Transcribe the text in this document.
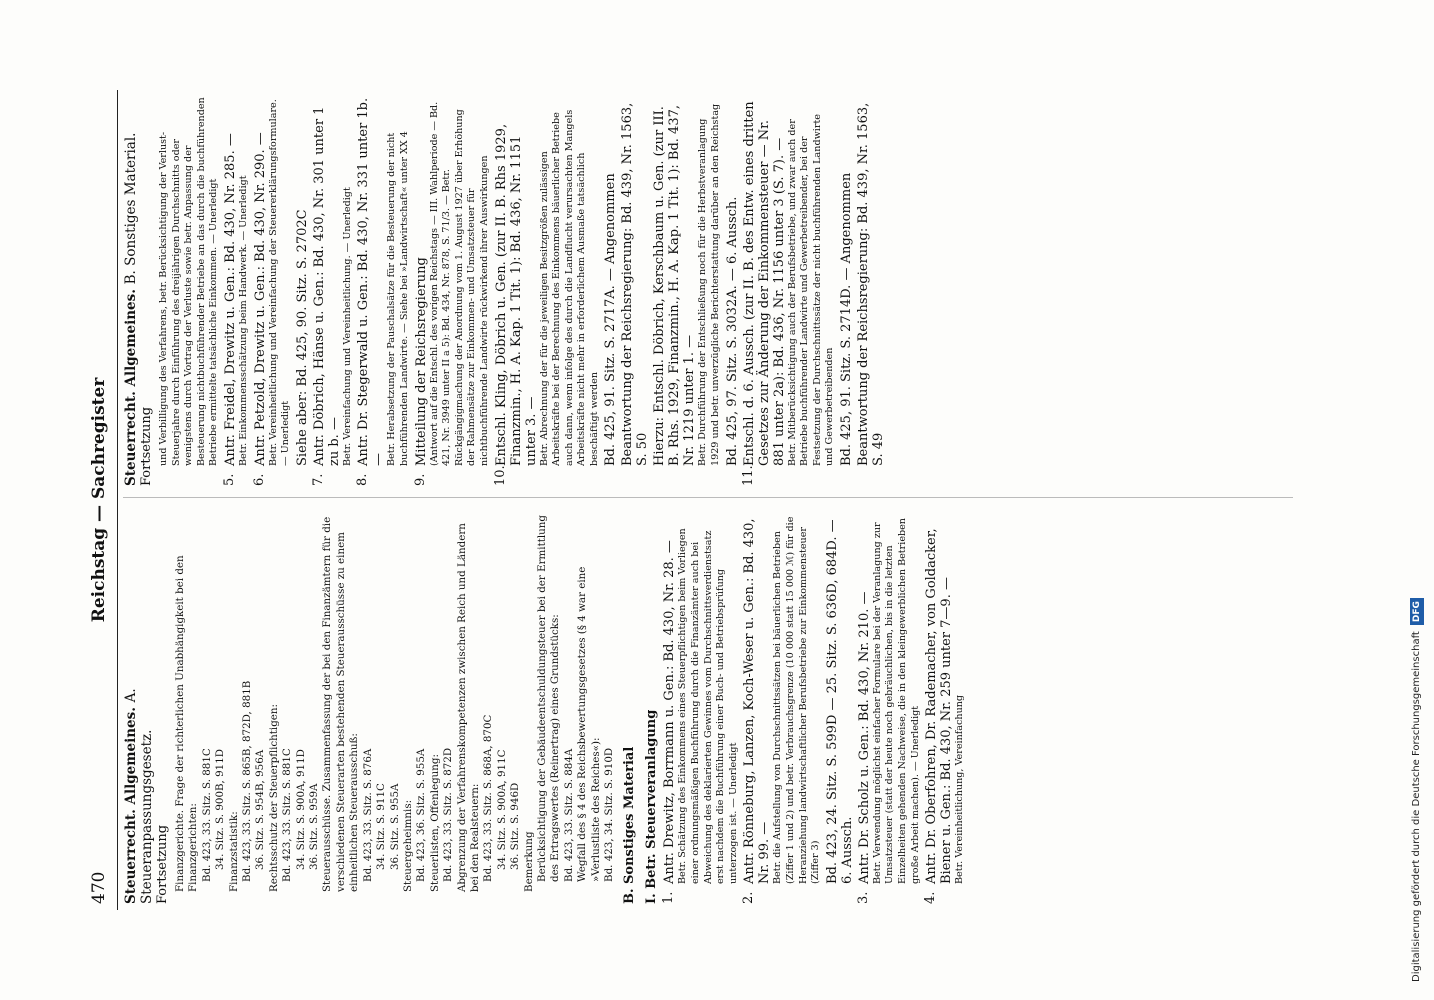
470
Reichstag — Sachregister
Steuerrecht. Allgemeines. A. Steueranpassungsgesetz. Fortsetzung Finanzgerichte. Frage der richterlichen Unabhängigkeit bei den Finanzgerichten: Bd. 423, 33. Sitz. S. 881C 34. Sitz. S. 900B, 911D Finanzstatistik: Bd. 423, 33. Sitz. S. 865B, 872D, 881B 36. Sitz. S. 954B, 956A Rechtsschutz der Steuerpflichtigen: Bd. 423, 33. Sitz. S. 881C 34. Sitz. S. 900A, 911D 36. Sitz. S. 959A Steuerausschüsse. Zusammenfassung der bei den Finanzämtern für die verschiedenen Steuerarten bestehenden Steuerausschüsse zu einem einheitlichen Steuerausschuß: Bd. 423, 33. Sitz. S. 876A 34. Sitz. S. 911C 36. Sitz. S. 955A Steuergeheimnis: Bd. 423, 36. Sitz. S. 955A Steuerlisten, Offenlegung: Bd. 423, 33. Sitz. S. 872D Abgrenzung der Verfahrenskompetenzen zwischen Reich und Ländern bei den Realsteuern: Bd. 423, 33. Sitz. S. 868A, 870C 34. Sitz. S. 900A, 911C 36. Sitz. S. 946D Bemerkung Berücksichtigung der Gebäudeentschuldungsteuer bei der Ermittlung des Ertragswertes (Reinertrag) eines Grundstücks: Bd. 423, 33. Sitz. S. 884A Wegfall des § 4 des Reichsbewertungsgesetzes (§ 4 war eine »Verlustliste des Reiches«): Bd. 423, 34. Sitz. S. 910D B. Sonstiges Material I. Betr. Steuerveranlagung 1.
Antr. Drewitz, Borrmann u. Gen.: Bd. 430, Nr. 28. — Betr. Schätzung des Einkommens eines Steuerpflichtigen beim Vorliegen einer ordnungsmäßigen Buchführung durch die Finanzämter auch bei Abweichung des deklarierten Gewinnes vom Durchschnittsverdienstsatz erst nachdem die Buchführung einer Buch- und Betriebsprüfung unterzogen ist. — Unerledigt
2.
Antr. Rönneburg, Lanzen, Koch-Weser u. Gen.: Bd. 430, Nr. 99. — Betr. die Aufstellung von Durchschnittssätzen bei bäuerlichen Betrieben (Ziffer 1 und 2) und betr. Verbrauchsgrenze (10 000 statt 15 000 ℳ) für die Heranziehung landwirtschaftlicher Berufsbetriebe zur Einkommensteuer (Ziffer 3) Bd. 423, 24. Sitz. S. 599D — 25. Sitz. S. 636D, 684D. — 6. Aussch.
3.
Antr. Dr. Scholz u. Gen.: Bd. 430, Nr. 210. — Betr. Verwendung möglichst einfacher Formulare bei der Veranlagung zur Umsatzsteuer (statt der heute noch gebräuchlichen, bis in die letzten Einzelheiten gehenden Nachweise, die in den kleingewerblichen Betrieben große Arbeit machen). — Unerledigt
4.
Antr. Dr. Oberfohren, Dr. Rademacher, von Goldacker, Biener u. Gen.: Bd. 430, Nr. 259 unter 7—9. — Betr. Vereinheitlichung, Vereinfachung
Steuerrecht. Allgemeines. B. Sonstiges Material.
Fortsetzung und Verbilligung des Verfahrens, betr. Berücksichtigung der Verlust-Steuerjahre durch Einführung des dreijährigen Durchschnitts oder wenigstens durch Vortrag der Verluste sowie betr. Anpassung der Besteuerung nichtbuchführender Betriebe an das durch die buchführenden Betriebe ermittelte tatsächliche Einkommen. — Unerledigt
5.
Antr. Freidel, Drewitz u. Gen.: Bd. 430, Nr. 285. — Betr. Einkommensschätzung beim Handwerk. — Unerledigt
6.
Antr. Petzold, Drewitz u. Gen.: Bd. 430, Nr. 290. — Betr. Vereinheitlichung und Vereinfachung der Steuererklärungsformulare. — Unerledigt Siehe aber: Bd. 425, 90. Sitz. S. 2702C
7.
Antr. Döbrich, Hänse u. Gen.: Bd. 430, Nr. 301 unter 1 zu b. — Betr. Vereinfachung und Vereinheitlichung. — Unerledigt
8.
Antr. Dr. Stegerwald u. Gen.: Bd. 430, Nr. 331 unter 1b. — Betr. Herabsetzung der Pauschalsätze für die Besteuerung der nicht buchführenden Landwirte. — Siehe bei »Landwirtschaft« unter XX 4
9.
Mitteilung der Reichsregierung (Antwort auf die Entschl. des vorigen Reichstags — III. Wahlperiode — Bd. 421, Nr. 3949 unter II a 5): Bd. 434, Nr. 878, S. 71/3. — Betr. Rückgängigmachung der Anordnung vom 1. August 1927 über Erhöhung der Rahmensätze zur Einkommen- und Umsatzsteuer für nichtbuchführende Landwirte rückwirkend ihrer Auswirkungen
10.
Entschl. Kling, Döbrich u. Gen. (zur II. B. Rhs 1929, Finanzmin., H. A. Kap. 1 Tit. 1): Bd. 436, Nr. 1151 unter 3. — Betr. Abrechnung der für die jeweiligen Besitzgrößen zulässigen Arbeitskräfte bei der Berechnung des Einkommens bäuerlicher Betriebe auch dann, wenn infolge des durch die Landflucht verursachten Mangels Arbeitskräfte nicht mehr in erforderlichem Ausmaße tatsächlich beschäftigt werden Bd. 425, 91. Sitz. S. 2717A. — Angenommen Beantwortung der Reichsregierung: Bd. 439, Nr. 1563, S. 50 Hierzu: Entschl. Döbrich, Kerschbaum u. Gen. (zur III. B. Rhs. 1929, Finanzmin., H. A. Kap. 1 Tit. 1): Bd. 437, Nr. 1219 unter 1. — Betr. Durchführung der Entschließung noch für die Herbstveranlagung 1929 und betr. unverzügliche Berichterstattung darüber an den Reichstag Bd. 425, 97. Sitz. S. 3032A. — 6. Aussch.
11.
Entschl. d. 6. Aussch. (zur II. B. des Entw. eines dritten Gesetzes zur Änderung der Einkommensteuer — Nr. 881 unter 2a): Bd. 436, Nr. 1156 unter 3 (S. 7). — Betr. Mitberücksichtigung auch der Berufsbetriebe, und zwar auch der Betriebe buchführender Landwirte und Gewerbetreibender, bei der Festsetzung der Durchschnittssätze der nicht buchführenden Landwirte und Gewerbetreibenden Bd. 425, 91. Sitz. S. 2714D. — Angenommen Beantwortung der Reichsregierung: Bd. 439, Nr. 1563, S. 49
Digitalisierung gefördert durch die Deutsche ForschungsgemeinschaftDFG
